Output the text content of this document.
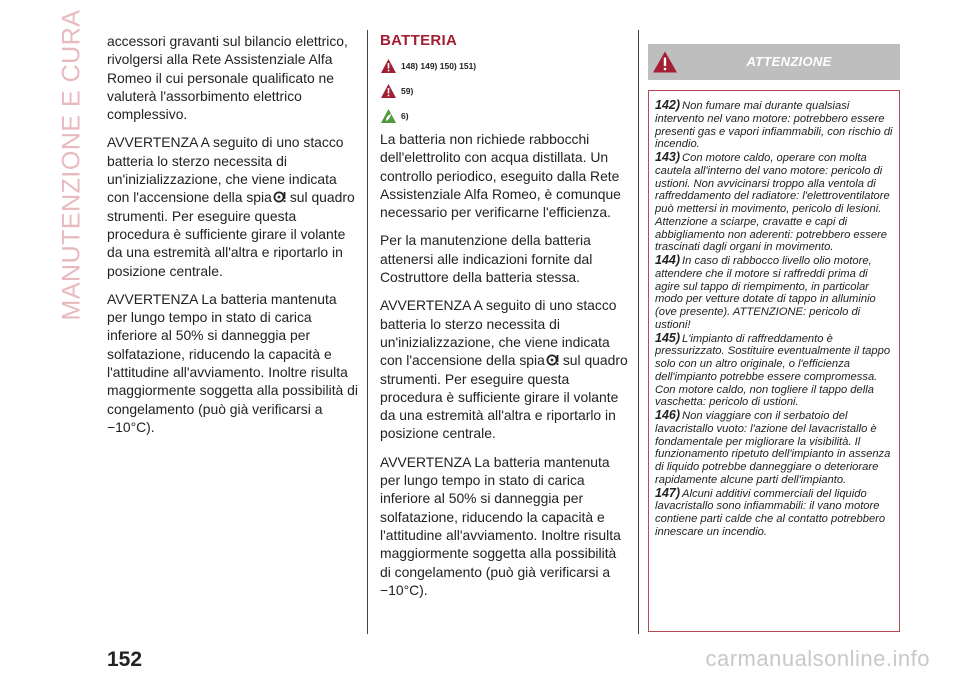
MANUTENZIONE E CURA accessori gravanti sul bilancio elettrico, rivolgersi alla Rete Assistenziale Alfa Romeo il cui personale qualificato ne valuterà l'assorbimento elettrico complessivo.

AVVERTENZA A seguito di uno stacco batteria lo sterzo necessita di un'inizializzazione, che viene indicata con l'accensione della spia sul quadro strumenti. Per eseguire questa procedura è sufficiente girare il volante da una estremità all'altra e riportarlo in posizione centrale.

AVVERTENZA La batteria mantenuta per lungo tempo in stato di carica inferiore al 50% si danneggia per solfatazione, riducendo la capacità e l'attitudine all'avviamento. Inoltre risulta maggiormente soggetta alla possibilità di congelamento (può già verificarsi a −10°C).

BATTERIA
148) 149) 150) 151)
59)
6)

La batteria non richiede rabbocchi dell'elettrolito con acqua distillata. Un controllo periodico, eseguito dalla Rete Assistenziale Alfa Romeo, è comunque necessario per verificarne l'efficienza.

Per la manutenzione della batteria attenersi alle indicazioni fornite dal Costruttore della batteria stessa.

AVVERTENZA A seguito di uno stacco batteria lo sterzo necessita di un'inizializzazione, che viene indicata con l'accensione della spia sul quadro strumenti. Per eseguire questa procedura è sufficiente girare il volante da una estremità all'altra e riportarlo in posizione centrale.

AVVERTENZA La batteria mantenuta per lungo tempo in stato di carica inferiore al 50% si danneggia per solfatazione, riducendo la capacità e l'attitudine all'avviamento. Inoltre risulta maggiormente soggetta alla possibilità di congelamento (può già verificarsi a −10°C).

ATTENZIONE

142) Non fumare mai durante qualsiasi intervento nel vano motore: potrebbero essere presenti gas e vapori infiammabili, con rischio di incendio.

143) Con motore caldo, operare con molta cautela all'interno del vano motore: pericolo di ustioni. Non avvicinarsi troppo alla ventola di raffreddamento del radiatore: l'elettroventilatore può mettersi in movimento, pericolo di lesioni. Attenzione a sciarpe, cravatte e capi di abbigliamento non aderenti: potrebbero essere trascinati dagli organi in movimento.

144) In caso di rabbocco livello olio motore, attendere che il motore si raffreddi prima di agire sul tappo di riempimento, in particolar modo per vetture dotate di tappo in alluminio (ove presente). ATTENZIONE: pericolo di ustioni!

145) L'impianto di raffreddamento è pressurizzato. Sostituire eventualmente il tappo solo con un altro originale, o l'efficienza dell'impianto potrebbe essere compromessa. Con motore caldo, non togliere il tappo della vaschetta: pericolo di ustioni.

146) Non viaggiare con il serbatoio del lavacristallo vuoto: l'azione del lavacristallo è fondamentale per migliorare la visibilità. Il funzionamento ripetuto dell'impianto in assenza di liquido potrebbe danneggiare o deteriorare rapidamente alcune parti dell'impianto.

147) Alcuni additivi commerciali del liquido lavacristallo sono infiammabili: il vano motore contiene parti calde che al contatto potrebbero innescare un incendio.

152	carmanualsonline.info
